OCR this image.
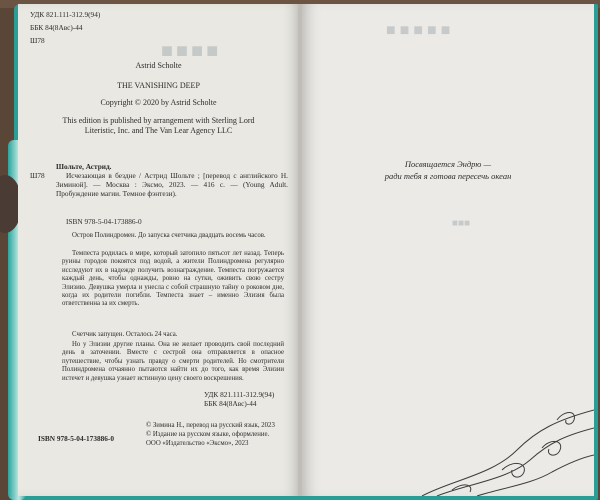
■■■■
УДК 821.111-312.9(94)
ББК 84(8Авс)-44
Ш78
Astrid Scholte
THE VANISHING DEEP
Copyright © 2020 by Astrid Scholte
This edition is published by arrangement with Sterling Lord
Literistic, Inc. and The Van Lear Agency LLC
Ш78
Шольте, Астрид.
Исчезающая в бездне / Астрид Шольте ; [перевод с английского Н. Зиминой]. — Москва : Эксмо, 2023. — 416 с. — (Young Adult. Пробуждение магии. Темное фэнтези).
ISBN 978-5-04-173886-0
Остров Полиндромен. До запуска счетчика двадцать восемь часов.
Темпеста родилась в мире, который затопило пятьсот лет назад. Теперь руины городов покоятся под водой, а жители Полиндромена регулярно исследуют их в надежде получить вознаграждение. Темпеста погружается каждый день, чтобы однажды, ровно на сутки, оживить свою сестру Элизию. Девушка умерла и унесла с собой страшную тайну о роковом дне, когда их родители погибли. Темпеста знает – именно Элизия была ответственна за их смерть.
Счетчик запущен. Осталось 24 часа.
Но у Элизии другие планы. Она не желает проводить свой последний день в заточении. Вместе с сестрой она отправляется в опасное путешествие, чтобы узнать правду о смерти родителей. Но смотрители Полиндромена отчаянно пытаются найти их до того, как время Элизии истечет и девушка узнает истинную цену своего воскрешения.
УДК 821.111-312.9(94)
ББК 84(8Авс)-44
ISBN 978-5-04-173886-0
© Зимина Н., перевод на русский язык, 2023
© Издание на русском языке, оформление.
ООО «Издательство «Эксмо», 2023
■■■■■
■■■
Посвящается Эндрю —
ради тебя я готова пересечь океан
